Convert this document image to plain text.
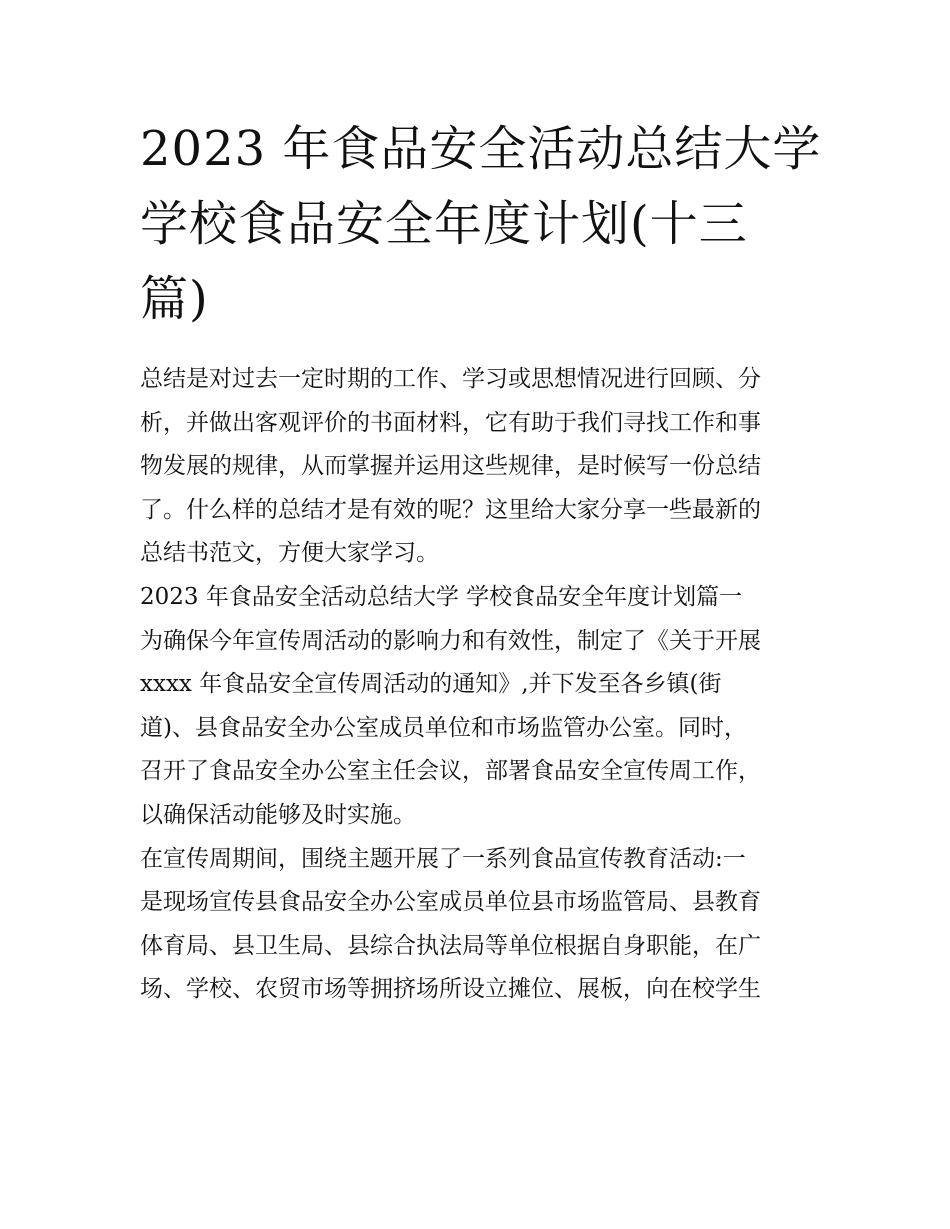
2023 年食品安全活动总结大学
学校食品安全年度计划(十三
篇)
总结是对过去一定时期的工作、学习或思想情况进行回顾、分
析，并做出客观评价的书面材料，它有助于我们寻找工作和事
物发展的规律，从而掌握并运用这些规律，是时候写一份总结
了。什么样的总结才是有效的呢？这里给大家分享一些最新的
总结书范文，方便大家学习。
2023 年食品安全活动总结大学 学校食品安全年度计划篇一
为确保今年宣传周活动的影响力和有效性，制定了《关于开展
xxxx 年食品安全宣传周活动的通知》,并下发至各乡镇(街
道)、县食品安全办公室成员单位和市场监管办公室。同时，
召开了食品安全办公室主任会议，部署食品安全宣传周工作，
以确保活动能够及时实施。
在宣传周期间，围绕主题开展了一系列食品宣传教育活动:一
是现场宣传县食品安全办公室成员单位县市场监管局、县教育
体育局、县卫生局、县综合执法局等单位根据自身职能，在广
场、学校、农贸市场等拥挤场所设立摊位、展板，向在校学生
